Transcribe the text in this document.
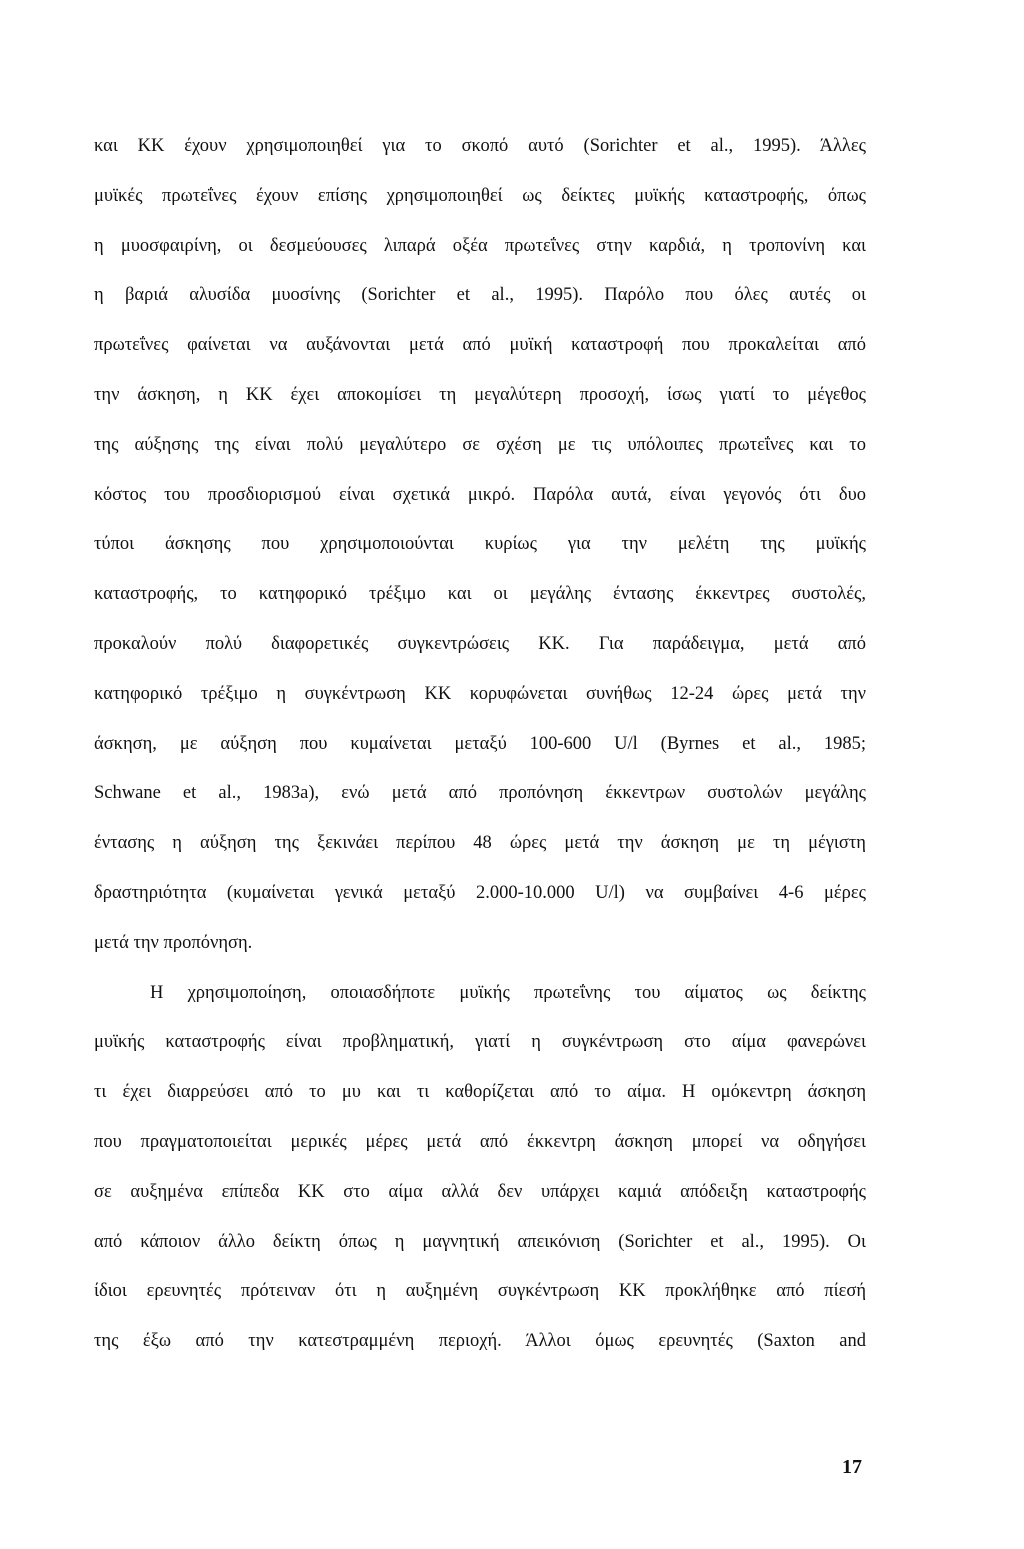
και ΚΚ έχουν χρησιμοποιηθεί για το σκοπό αυτό (Sorichter et al., 1995). Άλλες
μυϊκές πρωτεΐνες έχουν επίσης χρησιμοποιηθεί ως δείκτες μυϊκής καταστροφής, όπως
η μυοσφαιρίνη, οι δεσμεύουσες λιπαρά οξέα πρωτεΐνες στην καρδιά, η τροπονίνη και
η βαριά αλυσίδα μυοσίνης (Sorichter et al., 1995). Παρόλο που όλες αυτές οι
πρωτεΐνες φαίνεται να αυξάνονται μετά από μυϊκή καταστροφή που προκαλείται από
την άσκηση, η ΚΚ έχει αποκομίσει τη μεγαλύτερη προσοχή, ίσως γιατί το μέγεθος
της αύξησης της είναι πολύ μεγαλύτερο σε σχέση με τις υπόλοιπες πρωτεΐνες και το
κόστος του προσδιορισμού είναι σχετικά μικρό. Παρόλα αυτά, είναι γεγονός ότι δυο
τύποι άσκησης που χρησιμοποιούνται κυρίως για την μελέτη της μυϊκής
καταστροφής, το κατηφορικό τρέξιμο και οι μεγάλης έντασης έκκεντρες συστολές,
προκαλούν πολύ διαφορετικές συγκεντρώσεις ΚΚ. Για παράδειγμα, μετά από
κατηφορικό τρέξιμο η συγκέντρωση ΚΚ κορυφώνεται συνήθως 12-24 ώρες μετά την
άσκηση, με αύξηση που κυμαίνεται μεταξύ 100-600 U/l (Byrnes et al., 1985;
Schwane et al., 1983a), ενώ μετά από προπόνηση έκκεντρων συστολών μεγάλης
έντασης η αύξηση της ξεκινάει περίπου 48 ώρες μετά την άσκηση με τη μέγιστη
δραστηριότητα (κυμαίνεται γενικά μεταξύ 2.000-10.000 U/l) να συμβαίνει 4-6 μέρες
μετά την προπόνηση.
Η χρησιμοποίηση, οποιασδήποτε μυϊκής πρωτεΐνης του αίματος ως δείκτης
μυϊκής καταστροφής είναι προβληματική, γιατί η συγκέντρωση στο αίμα φανερώνει
τι έχει διαρρεύσει από το μυ και τι καθορίζεται από το αίμα. Η ομόκεντρη άσκηση
που πραγματοποιείται μερικές μέρες μετά από έκκεντρη άσκηση μπορεί να οδηγήσει
σε αυξημένα επίπεδα ΚΚ στο αίμα αλλά δεν υπάρχει καμιά απόδειξη καταστροφής
από κάποιον άλλο δείκτη όπως η μαγνητική απεικόνιση (Sorichter et al., 1995). Οι
ίδιοι ερευνητές πρότειναν ότι η αυξημένη συγκέντρωση ΚΚ προκλήθηκε από πίεσή
της έξω από την κατεστραμμένη περιοχή. Άλλοι όμως ερευνητές (Saxton and
17
